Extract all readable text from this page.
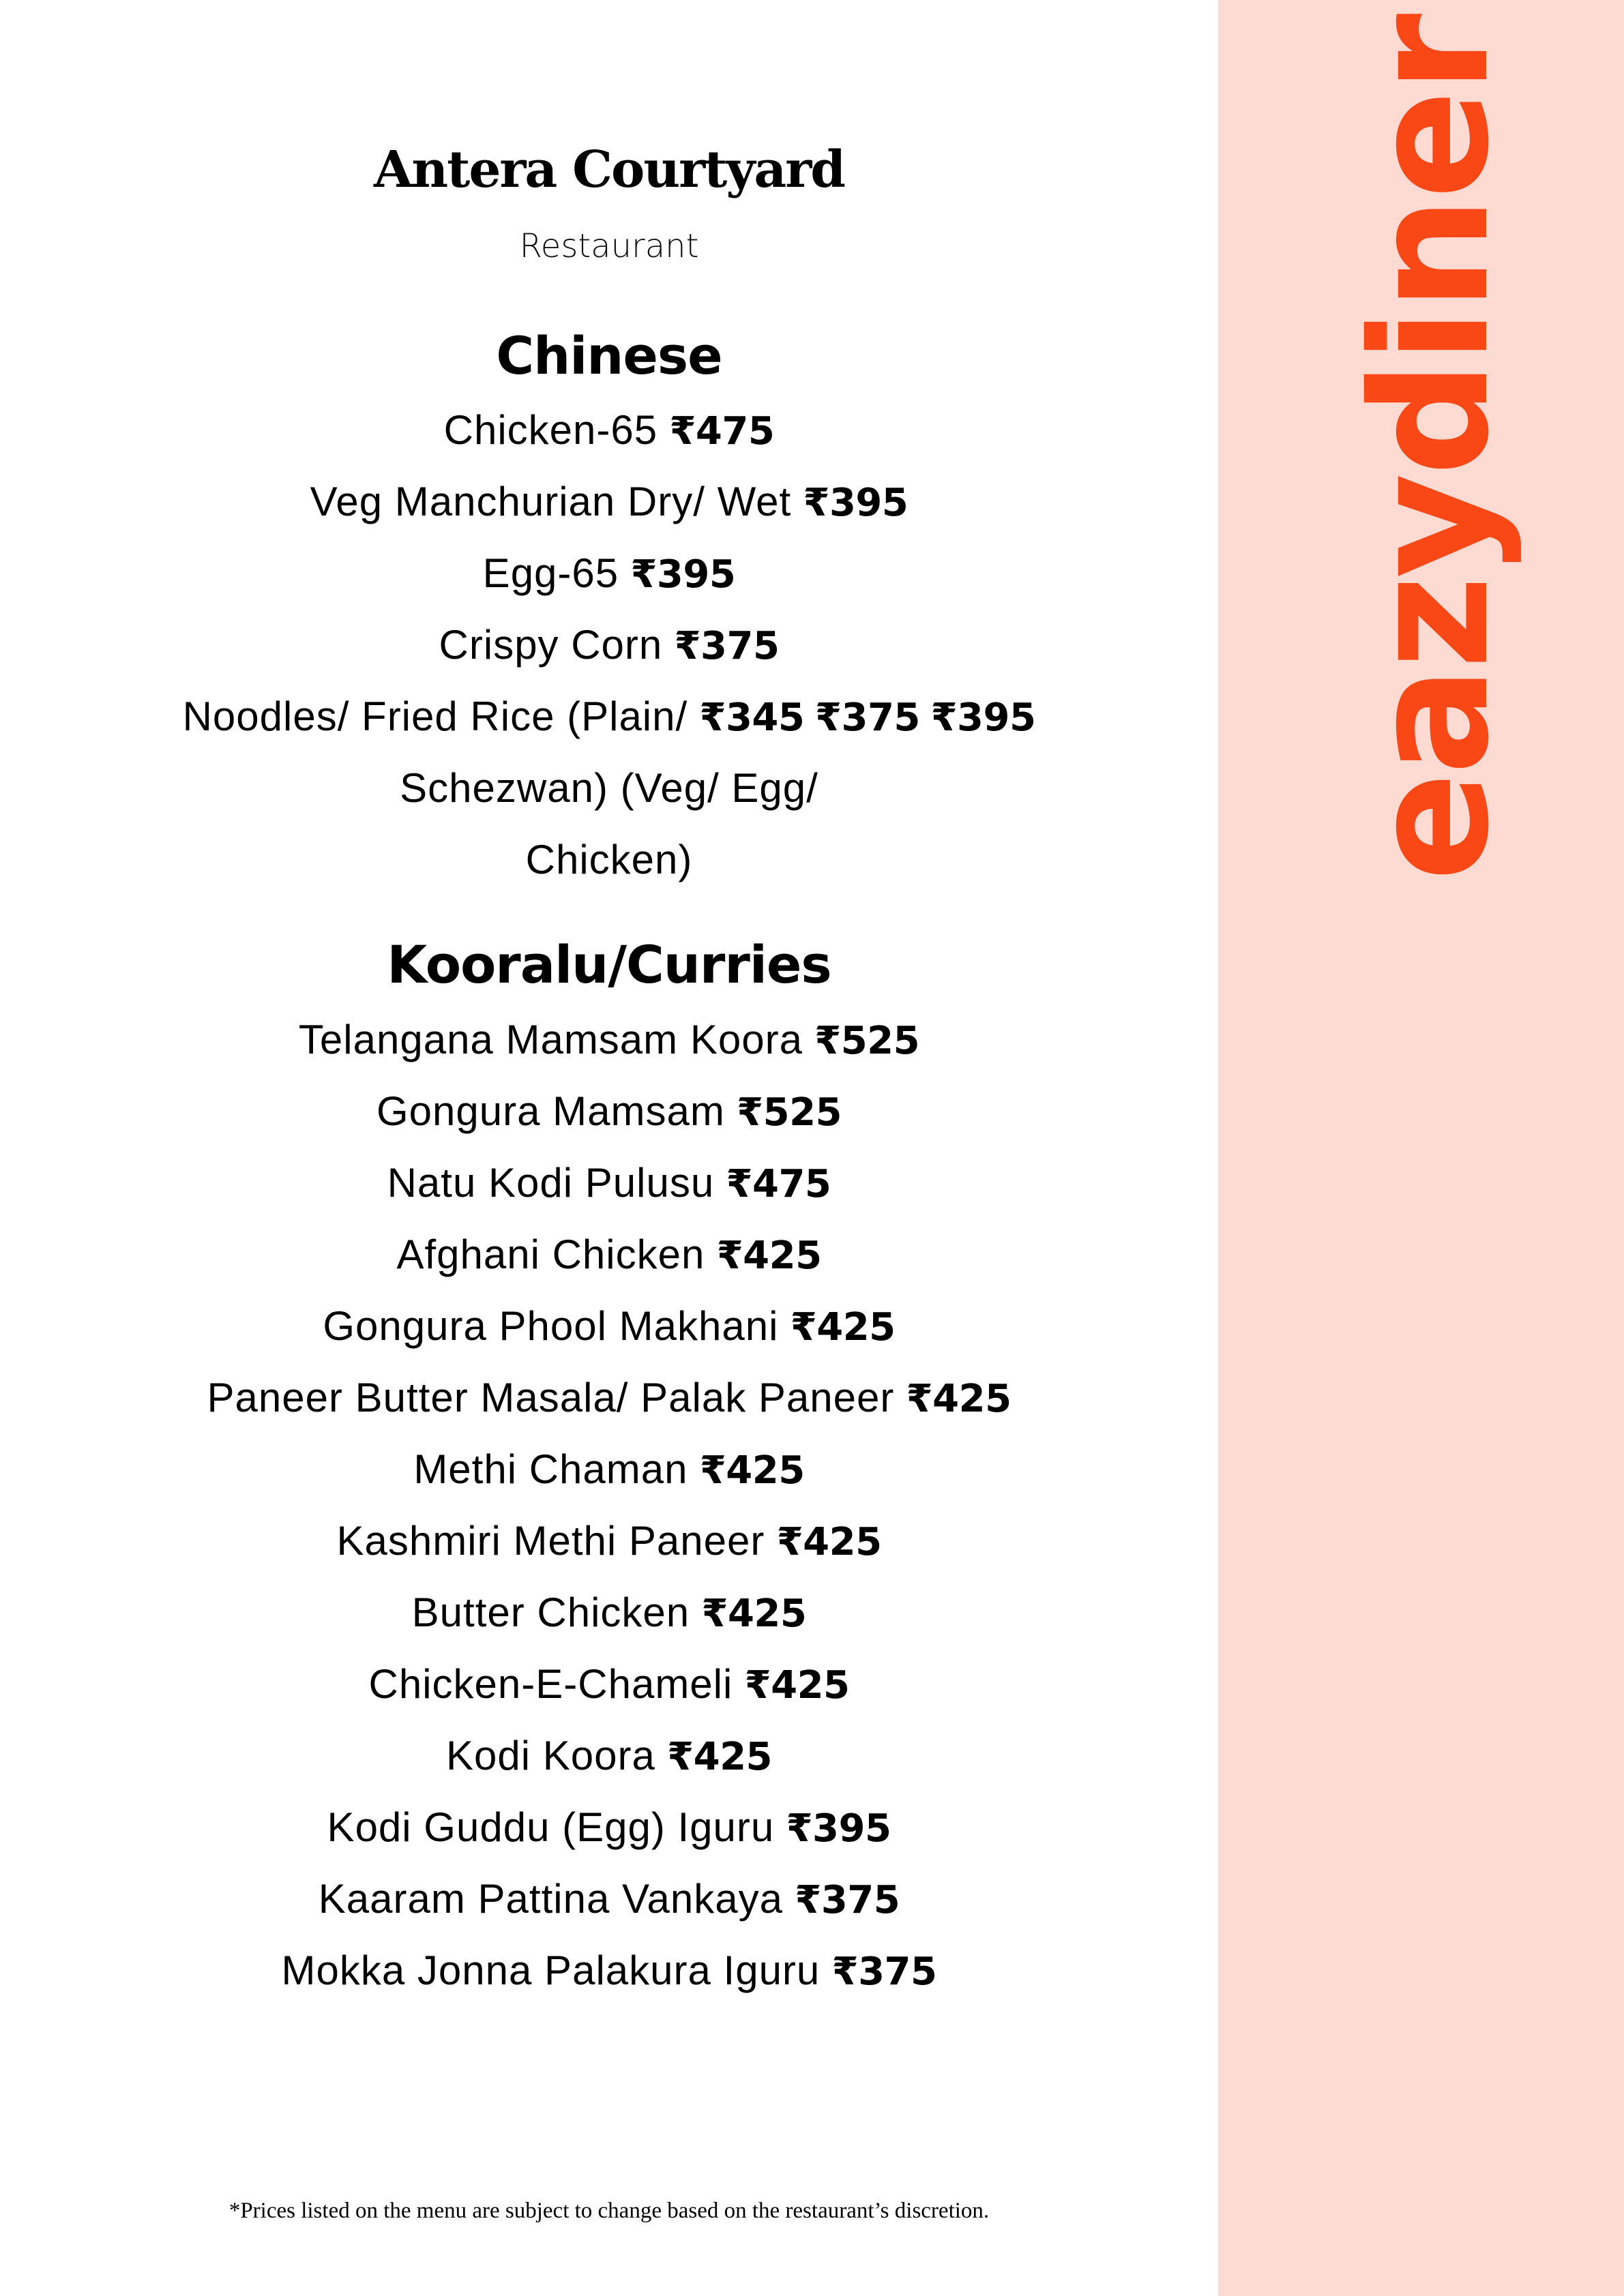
Antera Courtyard
Restaurant
Chinese
Chicken-65 ₹475
Veg Manchurian Dry/ Wet ₹395
Egg-65 ₹395
Crispy Corn ₹375
Noodles/ Fried Rice (Plain/ ₹345 ₹375 ₹395
Schezwan) (Veg/ Egg/
Chicken)
Kooralu/Curries
Telangana Mamsam Koora ₹525
Gongura Mamsam ₹525
Natu Kodi Pulusu ₹475
Afghani Chicken ₹425
Gongura Phool Makhani ₹425
Paneer Butter Masala/ Palak Paneer ₹425
Methi Chaman ₹425
Kashmiri Methi Paneer ₹425
Butter Chicken ₹425
Chicken-E-Chameli ₹425
Kodi Koora ₹425
Kodi Guddu (Egg) Iguru ₹395
Kaaram Pattina Vankaya ₹375
Mokka Jonna Palakura Iguru ₹375
*Prices listed on the menu are subject to change based on the restaurant’s discretion.
eazydiner
